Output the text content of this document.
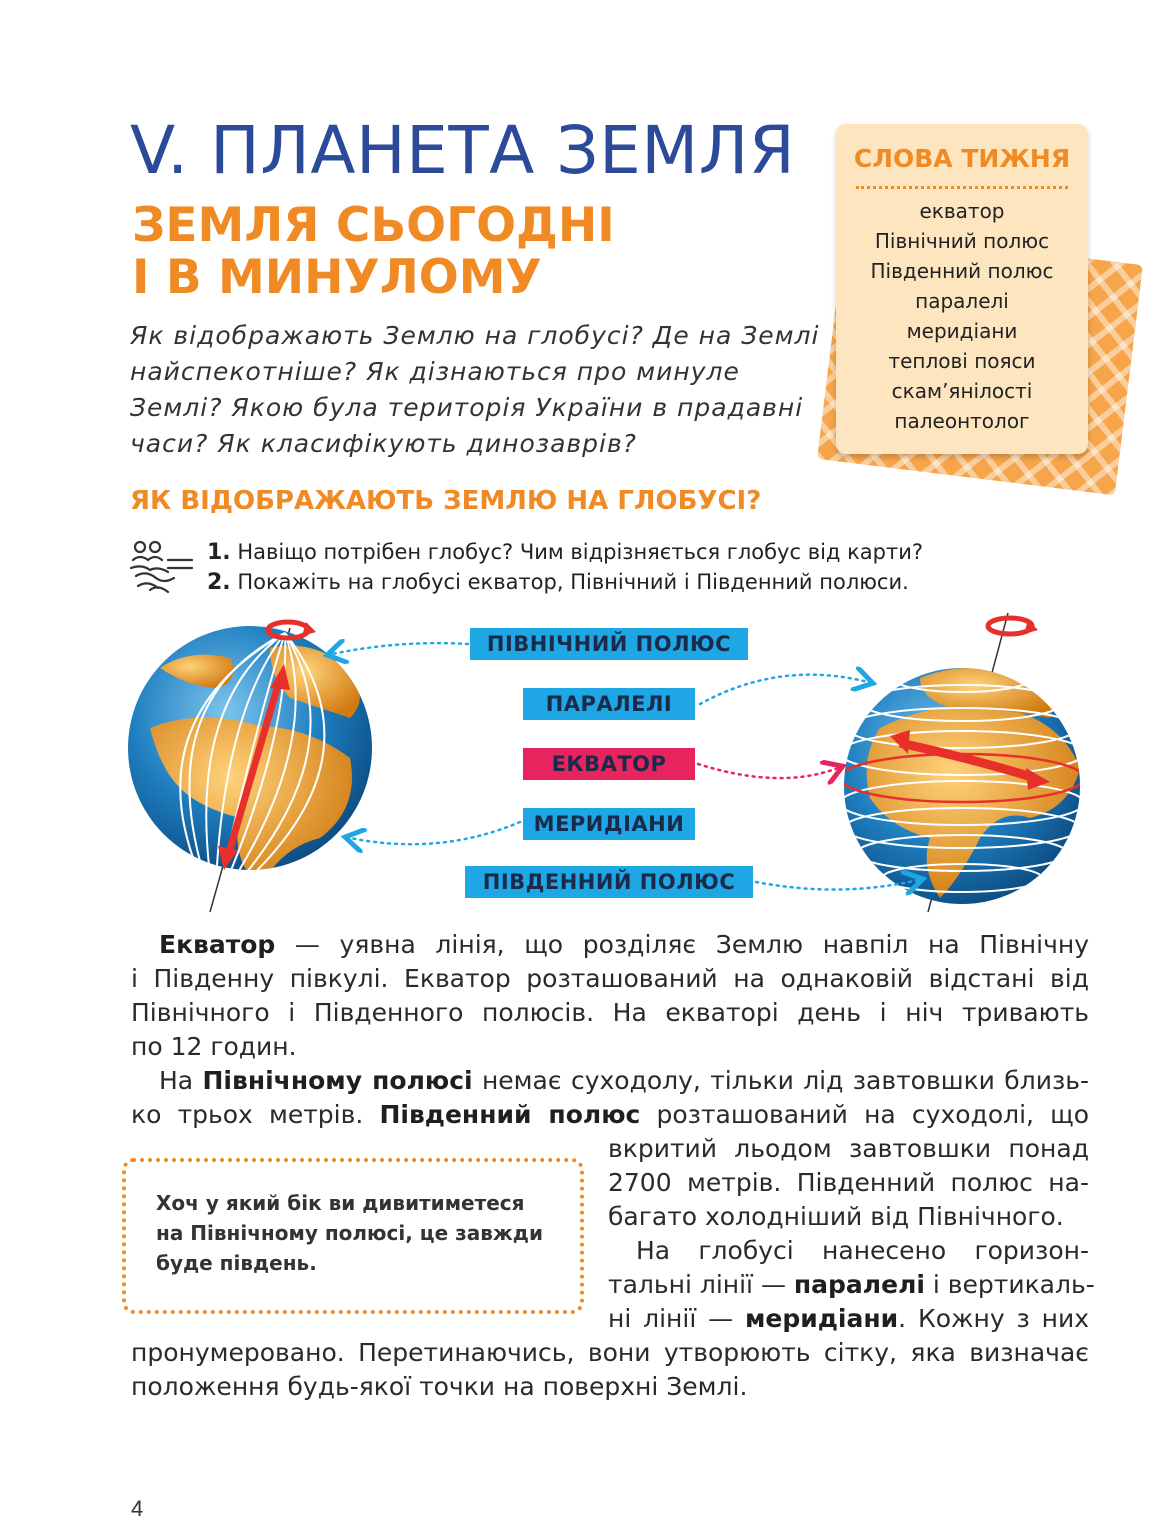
V. ПЛАНЕТА ЗЕМЛЯ
ЗЕМЛЯ СЬОГОДНІ
І В МИНУЛОМУ
Як відображають Землю на глобусі? Де на Землі
найспекотніше? Як дізнаються про минуле
Землі? Якою була територія України в прадавні
часи? Як класифікують динозаврів?
СЛОВА ТИЖНЯ
екватор
Північний полюс
Південний полюс
паралелі
меридіани
теплові пояси
скам’янілості
палеонтолог
ЯК ВІДОБРАЖАЮТЬ ЗЕМЛЮ НА ГЛОБУСІ?
1. Навіщо потрібен глобус? Чим відрізняється глобус від карти?
2. Покажіть на глобусі екватор, Північний і Південний полюси.
ПІВНІЧНИЙ ПОЛЮС
ПАРАЛЕЛІ
ЕКВАТОР
МЕРИДІАНИ
ПІВДЕННИЙ ПОЛЮС
Екватор — уявна лінія, що розділяє Землю навпіл на Північну
і Південну півкулі. Екватор розташований на однаковій відстані від
Північного і Південного полюсів. На екваторі день і ніч тривають
по 12 годин.
На Північному полюсі немає суходолу, тільки лід завтовшки близь-
ко трьох метрів. Південний полюс розташований на суходолі, що
вкритий льодом завтовшки понад
2700 метрів. Південний полюс на-
багато холодніший від Північного.
На глобусі нанесено горизон-
тальні лінії — паралелі і вертикаль-
ні лінії — меридіани. Кожну з них
пронумеровано. Перетинаючись, вони утворюють сітку, яка визначає
положення будь-якої точки на поверхні Землі.
Хоч у який бік ви дивитиметеся
на Північному полюсі, це завжди
буде південь.
4
